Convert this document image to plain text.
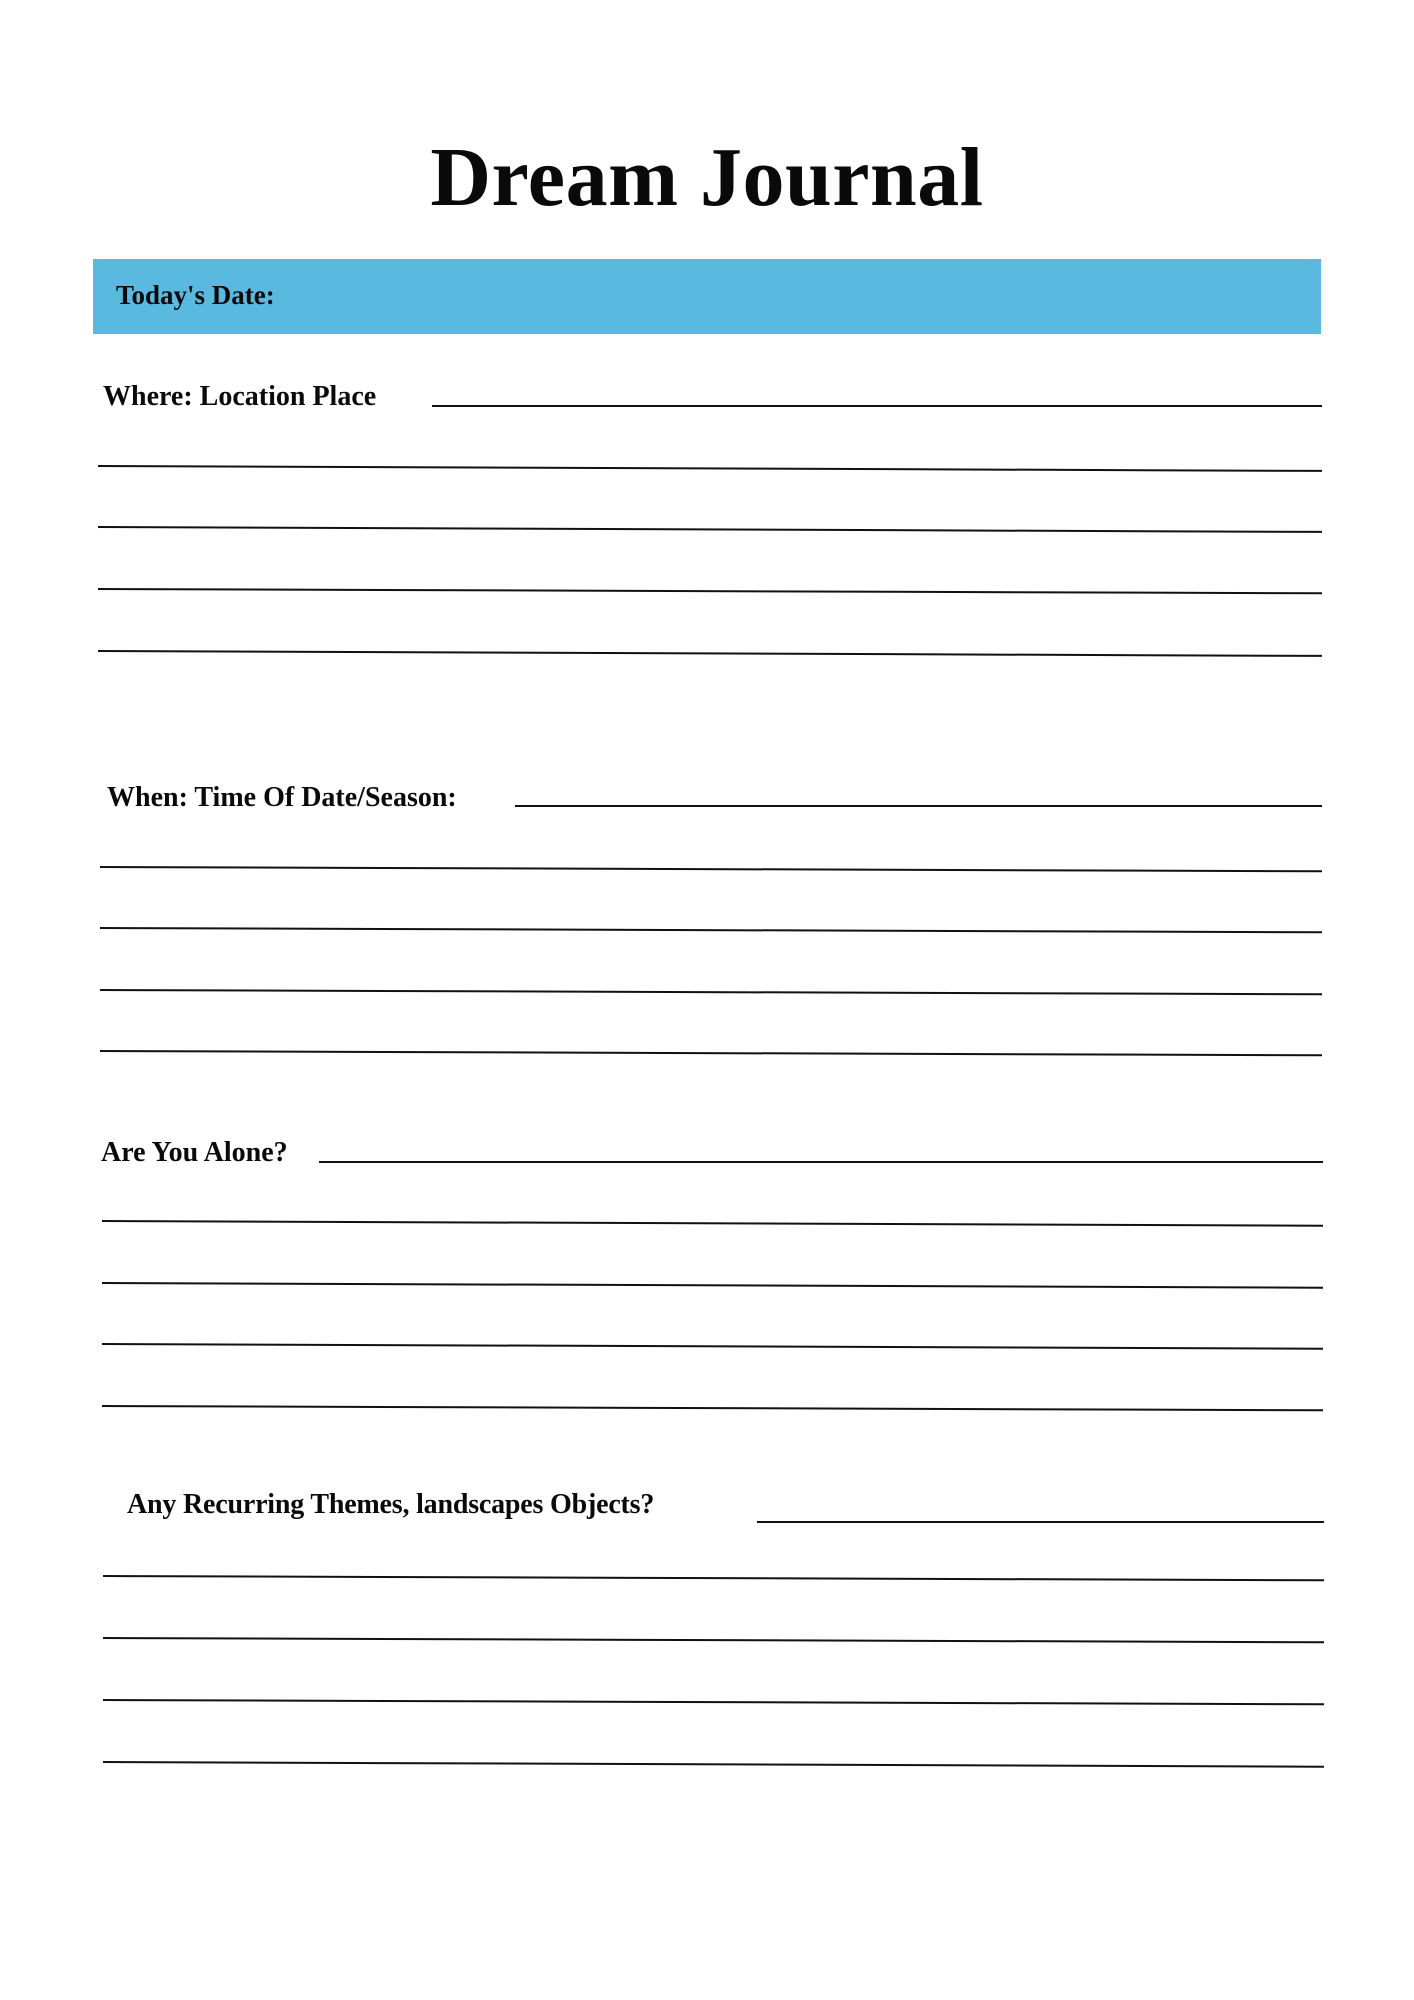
Dream Journal
Today's Date:
Where: Location Place
When: Time Of Date/Season:
Are You Alone?
Any Recurring Themes, landscapes Objects?
